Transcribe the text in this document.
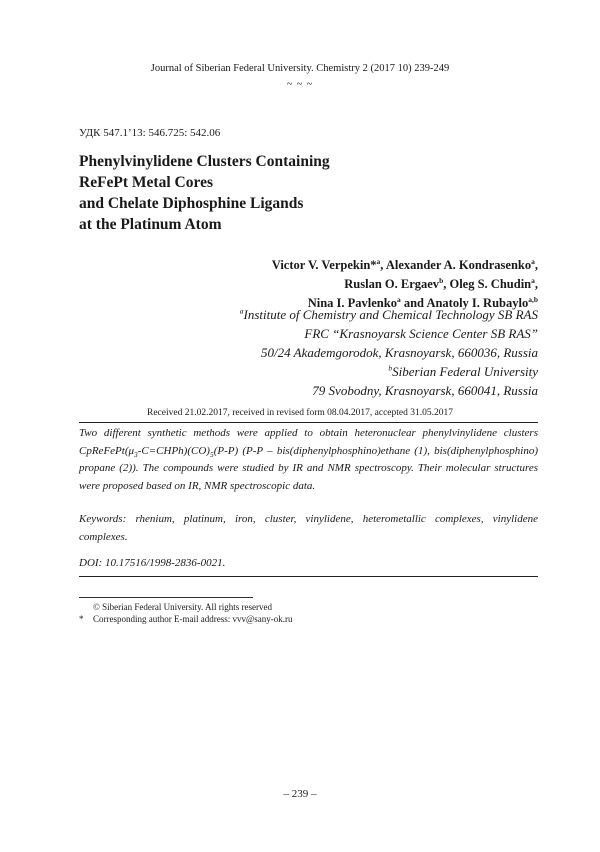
Journal of Siberian Federal University. Chemistry 2 (2017 10) 239-249
~ ~ ~
УДК 547.1’13: 546.725: 542.06
Phenylvinylidene Clusters Containing
ReFePt Metal Cores
and Chelate Diphosphine Ligands
at the Platinum Atom
Victor V. Verpekin*$^a$, Alexander A. Kondrasenko$^a$,
Ruslan O. Ergaev$^b$, Oleg S. Chudin$^a$,
Nina I. Pavlenko$^a$ and Anatoly I. Rubaylo$^{a,b}$
$^a$Institute of Chemistry and Chemical Technology SB RAS
FRC “Krasnoyarsk Science Center SB RAS”
50/24 Akademgorodok, Krasnoyarsk, 660036, Russia
$^b$Siberian Federal University
79 Svobodny, Krasnoyarsk, 660041, Russia
Received 21.02.2017, received in revised form 08.04.2017, accepted 31.05.2017
Two different synthetic methods were applied to obtain heteronuclear phenylvinylidene clusters
$CpReFePt(\mu_3-C=CHPh)(CO)_5(P-P)$ (P-P – bis(diphenylphosphino)ethane (1), bis(diphenylphosphino)
propane (2)). The compounds were studied by IR and NMR spectroscopy. Their molecular structures
were proposed based on IR, NMR spectroscopic data.
Keywords: rhenium, platinum, iron, cluster, vinylidene, heterometallic complexes, vinylidene
complexes.
DOI: 10.17516/1998-2836-0021.
© Siberian Federal University. All rights reserved
* Corresponding author E-mail address: vvv@sany-ok.ru
– 239 –
